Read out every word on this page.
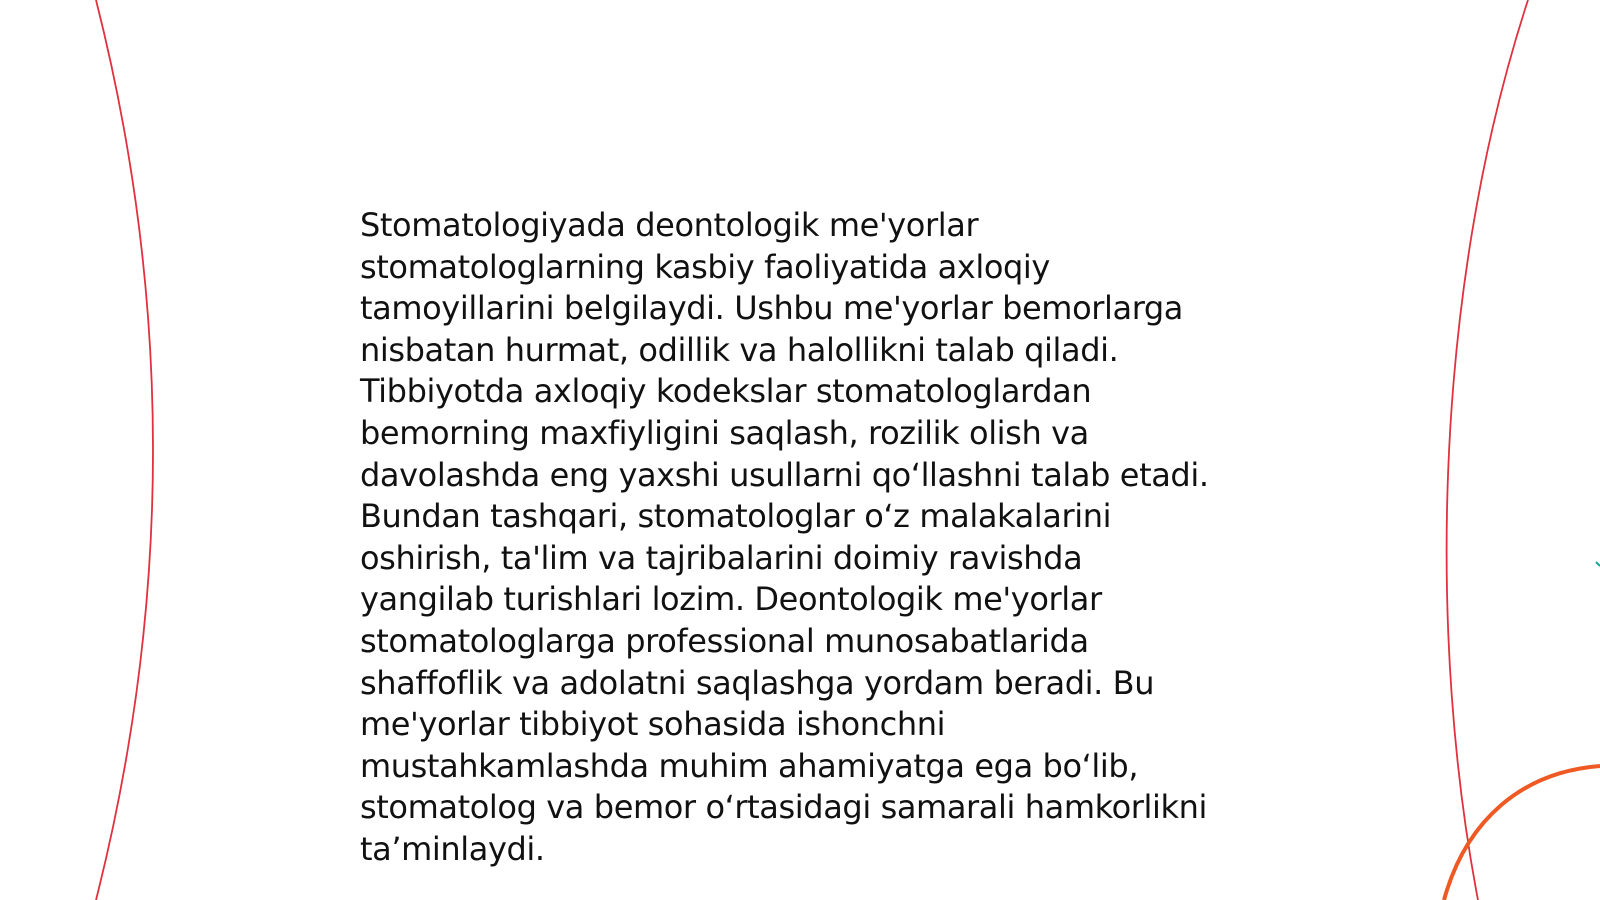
Stomatologiyada deontologik me'yorlar
stomatologlarning kasbiy faoliyatida axloqiy
tamoyillarini belgilaydi. Ushbu me'yorlar bemorlarga
nisbatan hurmat, odillik va halollikni talab qiladi.
Tibbiyotda axloqiy kodekslar stomatologlardan
bemorning maxfiyligini saqlash, rozilik olish va
davolashda eng yaxshi usullarni qo‘llashni talab etadi.
Bundan tashqari, stomatologlar o‘z malakalarini
oshirish, ta'lim va tajribalarini doimiy ravishda
yangilab turishlari lozim. Deontologik me'yorlar
stomatologlarga professional munosabatlarida
shaffoflik va adolatni saqlashga yordam beradi. Bu
me'yorlar tibbiyot sohasida ishonchni
mustahkamlashda muhim ahamiyatga ega bo‘lib,
stomatolog va bemor o‘rtasidagi samarali hamkorlikni
ta’minlaydi.
